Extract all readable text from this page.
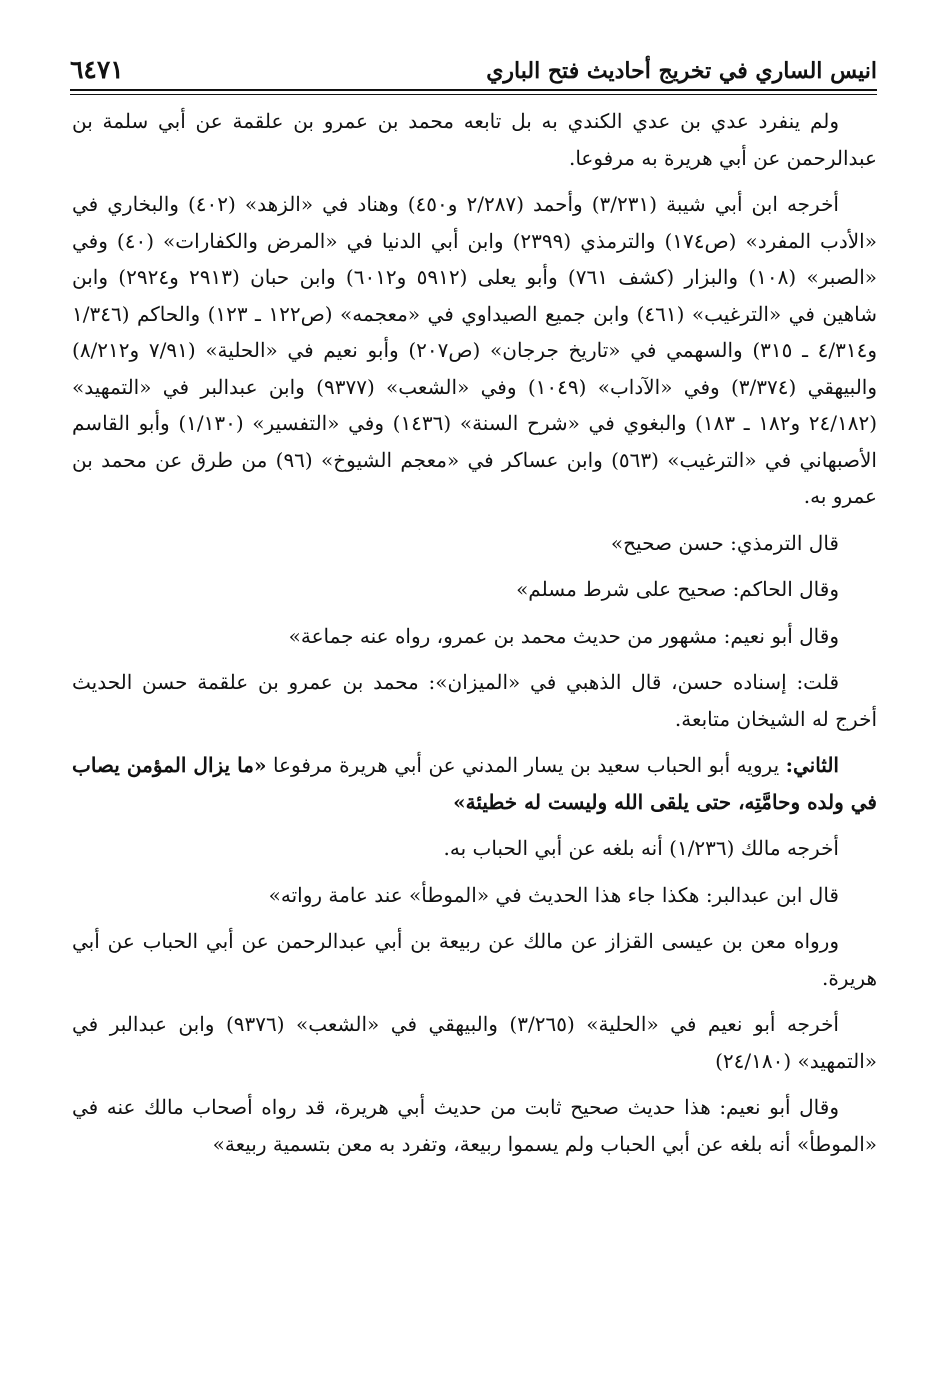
انيس الساري في تخريج أحاديث فتح الباري
٦٤٧١

ولم ينفرد عدي بن عدي الكندي به بل تابعه محمد بن عمرو بن علقمة عن أبي سلمة بن عبدالرحمن عن أبي هريرة به مرفوعا.

أخرجه ابن أبي شيبة (٣/٢٣١) وأحمد (٢/٢٨٧ و٤٥٠) وهناد في «الزهد» (٤٠٢) والبخاري في «الأدب المفرد» (ص١٧٤) والترمذي (٢٣٩٩) وابن أبي الدنيا في «المرض والكفارات» (٤٠) وفي «الصبر» (١٠٨) والبزار (كشف ٧٦١) وأبو يعلى (٥٩١٢ و٦٠١٢) وابن حبان (٢٩١٣ و٢٩٢٤) وابن شاهين في «الترغيب» (٤٦١) وابن جميع الصيداوي في «معجمه» (ص١٢٢ ـ ١٢٣) والحاكم (١/٣٤٦ و٤/٣١٤ ـ ٣١٥) والسهمي في «تاريخ جرجان» (ص٢٠٧) وأبو نعيم في «الحلية» (٧/٩١ و٨/٢١٢) والبيهقي (٣/٣٧٤) وفي «الآداب» (١٠٤٩) وفي «الشعب» (٩٣٧٧) وابن عبدالبر في «التمهيد» (٢٤/١٨٢ و١٨٢ ـ ١٨٣) والبغوي في «شرح السنة» (١٤٣٦) وفي «التفسير» (١/١٣٠) وأبو القاسم الأصبهاني في «الترغيب» (٥٦٣) وابن عساكر في «معجم الشيوخ» (٩٦) من طرق عن محمد بن عمرو به.

قال الترمذي: حسن صحيح»

وقال الحاكم: صحيح على شرط مسلم»

وقال أبو نعيم: مشهور من حديث محمد بن عمرو، رواه عنه جماعة»

قلت: إسناده حسن، قال الذهبي في «الميزان»: محمد بن عمرو بن علقمة حسن الحديث أخرج له الشيخان متابعة.

الثاني: يرويه أبو الحباب سعيد بن يسار المدني عن أبي هريرة مرفوعا «ما يزال المؤمن يصاب في ولده وحامَّتِه، حتى يلقى الله وليست له خطيئة»

أخرجه مالك (١/٢٣٦) أنه بلغه عن أبي الحباب به.

قال ابن عبدالبر: هكذا جاء هذا الحديث في «الموطأ» عند عامة رواته»

ورواه معن بن عيسى القزاز عن مالك عن ربيعة بن أبي عبدالرحمن عن أبي الحباب عن أبي هريرة.

أخرجه أبو نعيم في «الحلية» (٣/٢٦٥) والبيهقي في «الشعب» (٩٣٧٦) وابن عبدالبر في «التمهيد» (٢٤/١٨٠)

وقال أبو نعيم: هذا حديث صحيح ثابت من حديث أبي هريرة، قد رواه أصحاب مالك عنه في «الموطأ» أنه بلغه عن أبي الحباب ولم يسموا ربيعة، وتفرد به معن بتسمية ربيعة»
